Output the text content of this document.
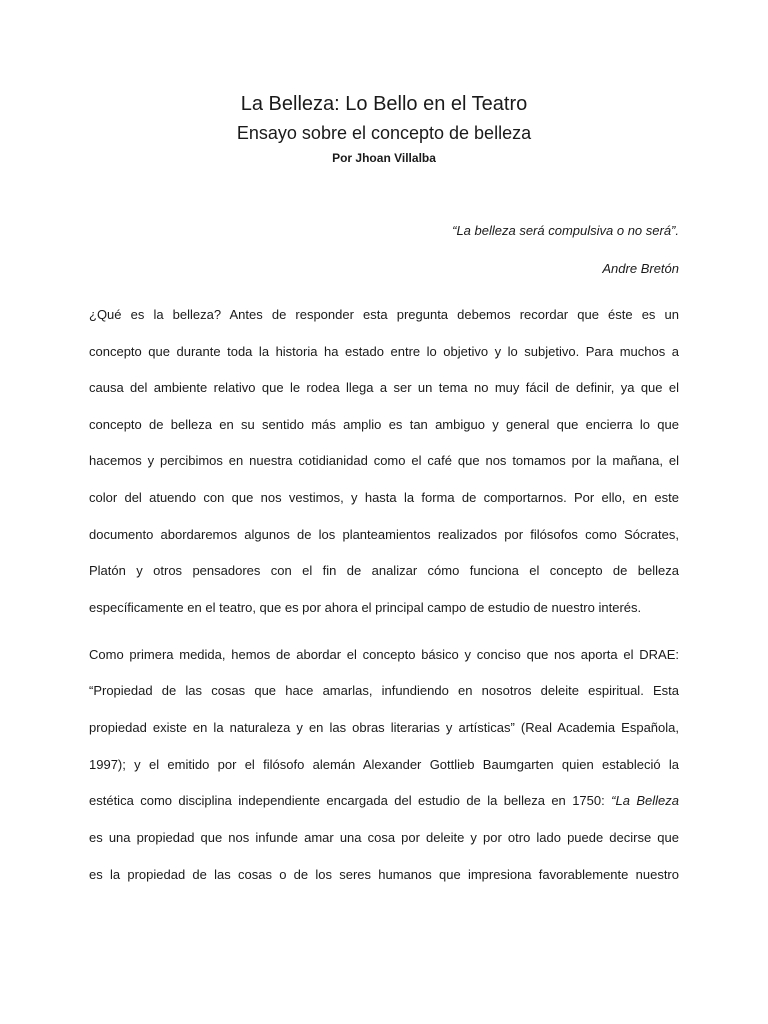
La Belleza: Lo Bello en el Teatro
Ensayo sobre el concepto de belleza
Por Jhoan Villalba
“La belleza será compulsiva o no será”.
Andre Bretón
¿Qué es la belleza? Antes de responder esta pregunta debemos recordar que éste es un
concepto que durante toda la historia ha estado entre lo objetivo y lo subjetivo. Para muchos a
causa del ambiente relativo que le rodea llega a ser un tema no muy fácil de definir, ya que el
concepto de belleza en su sentido más amplio es tan ambiguo y general que encierra lo que
hacemos y percibimos en nuestra cotidianidad como el café que nos tomamos por la mañana, el
color del atuendo con que nos vestimos, y hasta la forma de comportarnos. Por ello, en este
documento abordaremos algunos de los planteamientos realizados por filósofos como Sócrates,
Platón y otros pensadores con el fin de analizar cómo funciona el concepto de belleza
específicamente en el teatro, que es por ahora el principal campo de estudio de nuestro interés.
Como primera medida, hemos de abordar el concepto básico y conciso que nos aporta el DRAE:
“Propiedad de las cosas que hace amarlas, infundiendo en nosotros deleite espiritual. Esta
propiedad existe en la naturaleza y en las obras literarias y artísticas” (Real Academia Española,
1997); y el emitido por el filósofo alemán Alexander Gottlieb Baumgarten quien estableció la
estética como disciplina independiente encargada del estudio de la belleza en 1750: “La Belleza
es una propiedad que nos infunde amar una cosa por deleite y por otro lado puede decirse que
es la propiedad de las cosas o de los seres humanos que impresiona favorablemente nuestro
